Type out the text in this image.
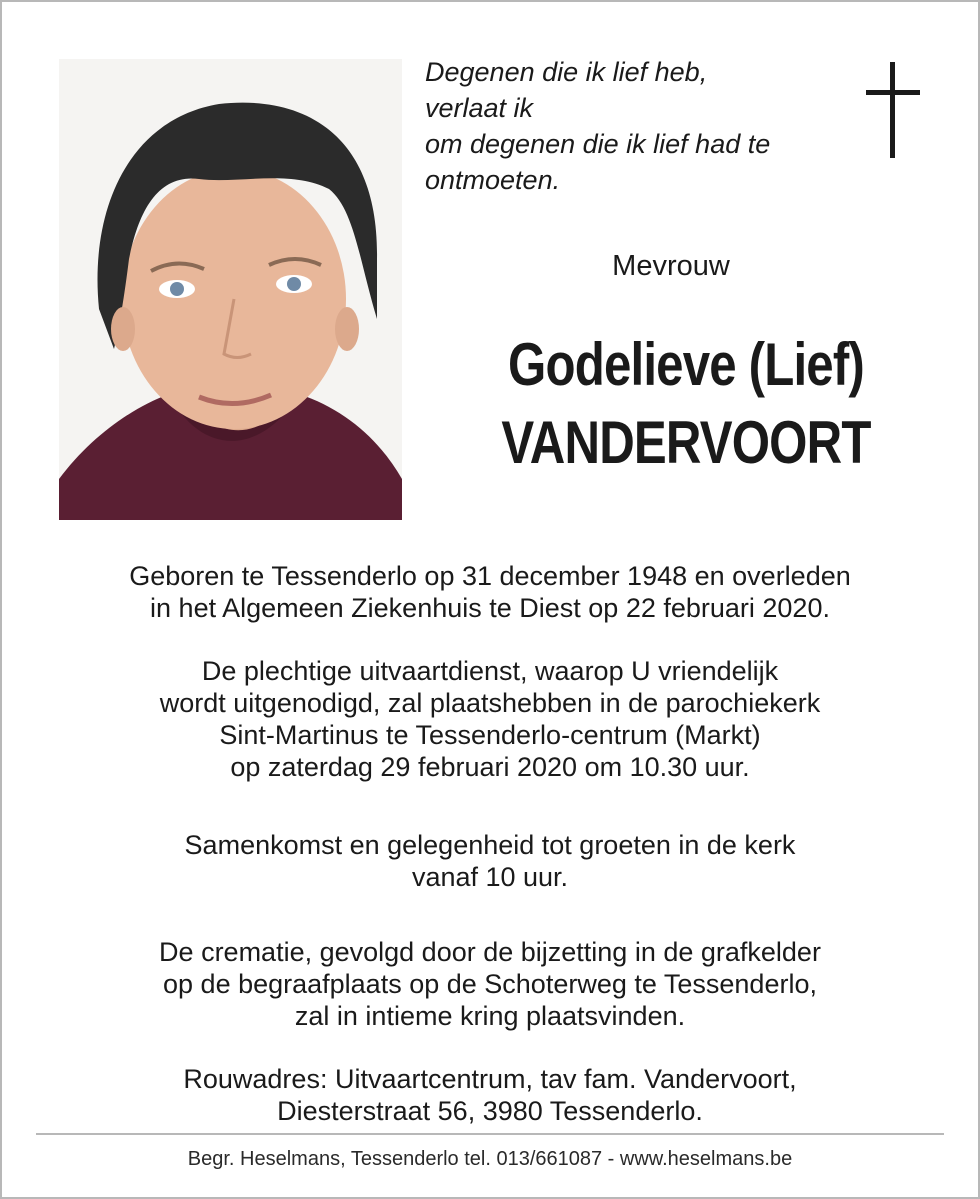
Degenen die ik lief heb,
verlaat ik
om degenen die ik lief had te
ontmoeten.
Mevrouw
Godelieve (Lief)
VANDERVOORT
Geboren te Tessenderlo op 31 december 1948 en overleden
in het Algemeen Ziekenhuis te Diest op 22 februari 2020.
De plechtige uitvaartdienst, waarop U vriendelijk
wordt uitgenodigd, zal plaatshebben in de parochiekerk
Sint-Martinus te Tessenderlo-centrum (Markt)
op zaterdag 29 februari 2020 om 10.30 uur.
Samenkomst en gelegenheid tot groeten in de kerk
vanaf 10 uur.
De crematie, gevolgd door de bijzetting in de grafkelder
op de begraafplaats op de Schoterweg te Tessenderlo,
zal in intieme kring plaatsvinden.
Rouwadres: Uitvaartcentrum, tav fam. Vandervoort,
Diesterstraat 56, 3980 Tessenderlo.
Begr. Heselmans, Tessenderlo tel. 013/661087 - www.heselmans.be
